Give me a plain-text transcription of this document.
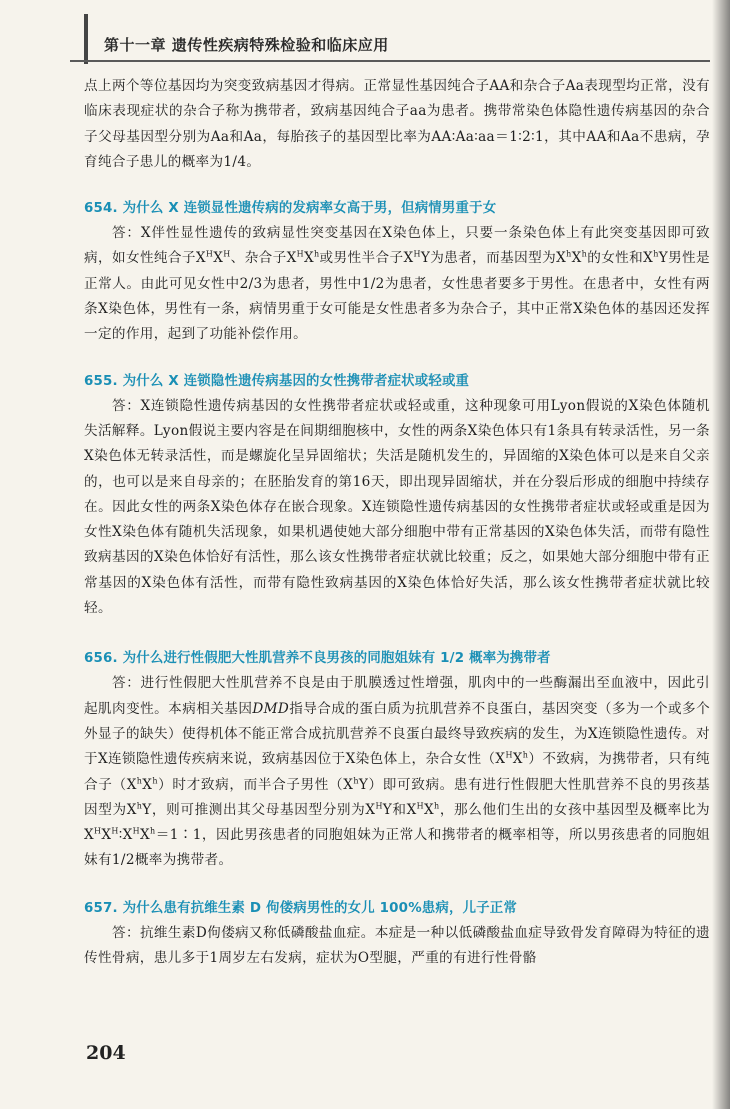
第十一章 遗传性疾病特殊检验和临床应用

点上两个等位基因均为突变致病基因才得病。正常显性基因纯合子AA和杂合子Aa表现型均正常，没有临床表现症状的杂合子称为携带者，致病基因纯合子aa为患者。携带常染色体隐性遗传病基因的杂合子父母基因型分别为Aa和Aa，每胎孩子的基因型比率为AA∶Aa∶aa＝1∶2∶1，其中AA和Aa不患病，孕育纯合子患儿的概率为1/4。

654. 为什么 X 连锁显性遗传病的发病率女高于男，但病情男重于女

答：X伴性显性遗传的致病显性突变基因在X染色体上，只要一条染色体上有此突变基因即可致病，如女性纯合子$X^HX^H$、杂合子$X^HX^h$或男性半合子$X^HY$为患者，而基因型为$X^hX^h$的女性和$X^hY$男性是正常人。由此可见女性中2/3为患者，男性中1/2为患者，女性患者要多于男性。在患者中，女性有两条X染色体，男性有一条，病情男重于女可能是女性患者多为杂合子，其中正常X染色体的基因还发挥一定的作用，起到了功能补偿作用。

655. 为什么 X 连锁隐性遗传病基因的女性携带者症状或轻或重

答：X连锁隐性遗传病基因的女性携带者症状或轻或重，这种现象可用Lyon假说的X染色体随机失活解释。Lyon假说主要内容是在间期细胞核中，女性的两条X染色体只有1条具有转录活性，另一条X染色体无转录活性，而是螺旋化呈异固缩状；失活是随机发生的，异固缩的X染色体可以是来自父亲的，也可以是来自母亲的；在胚胎发育的第16天，即出现异固缩状，并在分裂后形成的细胞中持续存在。因此女性的两条X染色体存在嵌合现象。X连锁隐性遗传病基因的女性携带者症状或轻或重是因为女性X染色体有随机失活现象，如果机遇使她大部分细胞中带有正常基因的X染色体失活，而带有隐性致病基因的X染色体恰好有活性，那么该女性携带者症状就比较重；反之，如果她大部分细胞中带有正常基因的X染色体有活性，而带有隐性致病基因的X染色体恰好失活，那么该女性携带者症状就比较轻。

656. 为什么进行性假肥大性肌营养不良男孩的同胞姐妹有 1/2 概率为携带者

答：进行性假肥大性肌营养不良是由于肌膜透过性增强，肌肉中的一些酶漏出至血液中，因此引起肌肉变性。本病相关基因DMD指导合成的蛋白质为抗肌营养不良蛋白，基因突变（多为一个或多个外显子的缺失）使得机体不能正常合成抗肌营养不良蛋白最终导致疾病的发生，为X连锁隐性遗传。对于X连锁隐性遗传疾病来说，致病基因位于X染色体上，杂合女性$(X^HX^h)$不致病，为携带者，只有纯合子$(X^hX^h)$时才致病，而半合子男性$(X^hY)$即可致病。患有进行性假肥大性肌营养不良的男孩基因型为$X^hY$，则可推测出其父母基因型分别为$X^HY$和$X^HX^h$，那么他们生出的女孩中基因型及概率比为$X^HX^H∶X^HX^h=1∶1$，因此男孩患者的同胞姐妹为正常人和携带者的概率相等，所以男孩患者的同胞姐妹有1/2概率为携带者。

657. 为什么患有抗维生素 D 佝偻病男性的女儿 100%患病，儿子正常

答：抗维生素D佝偻病又称低磷酸盐血症。本症是一种以低磷酸盐血症导致骨发育障碍为特征的遗传性骨病，患儿多于1周岁左右发病，症状为O型腿，严重的有进行性骨骼

204
